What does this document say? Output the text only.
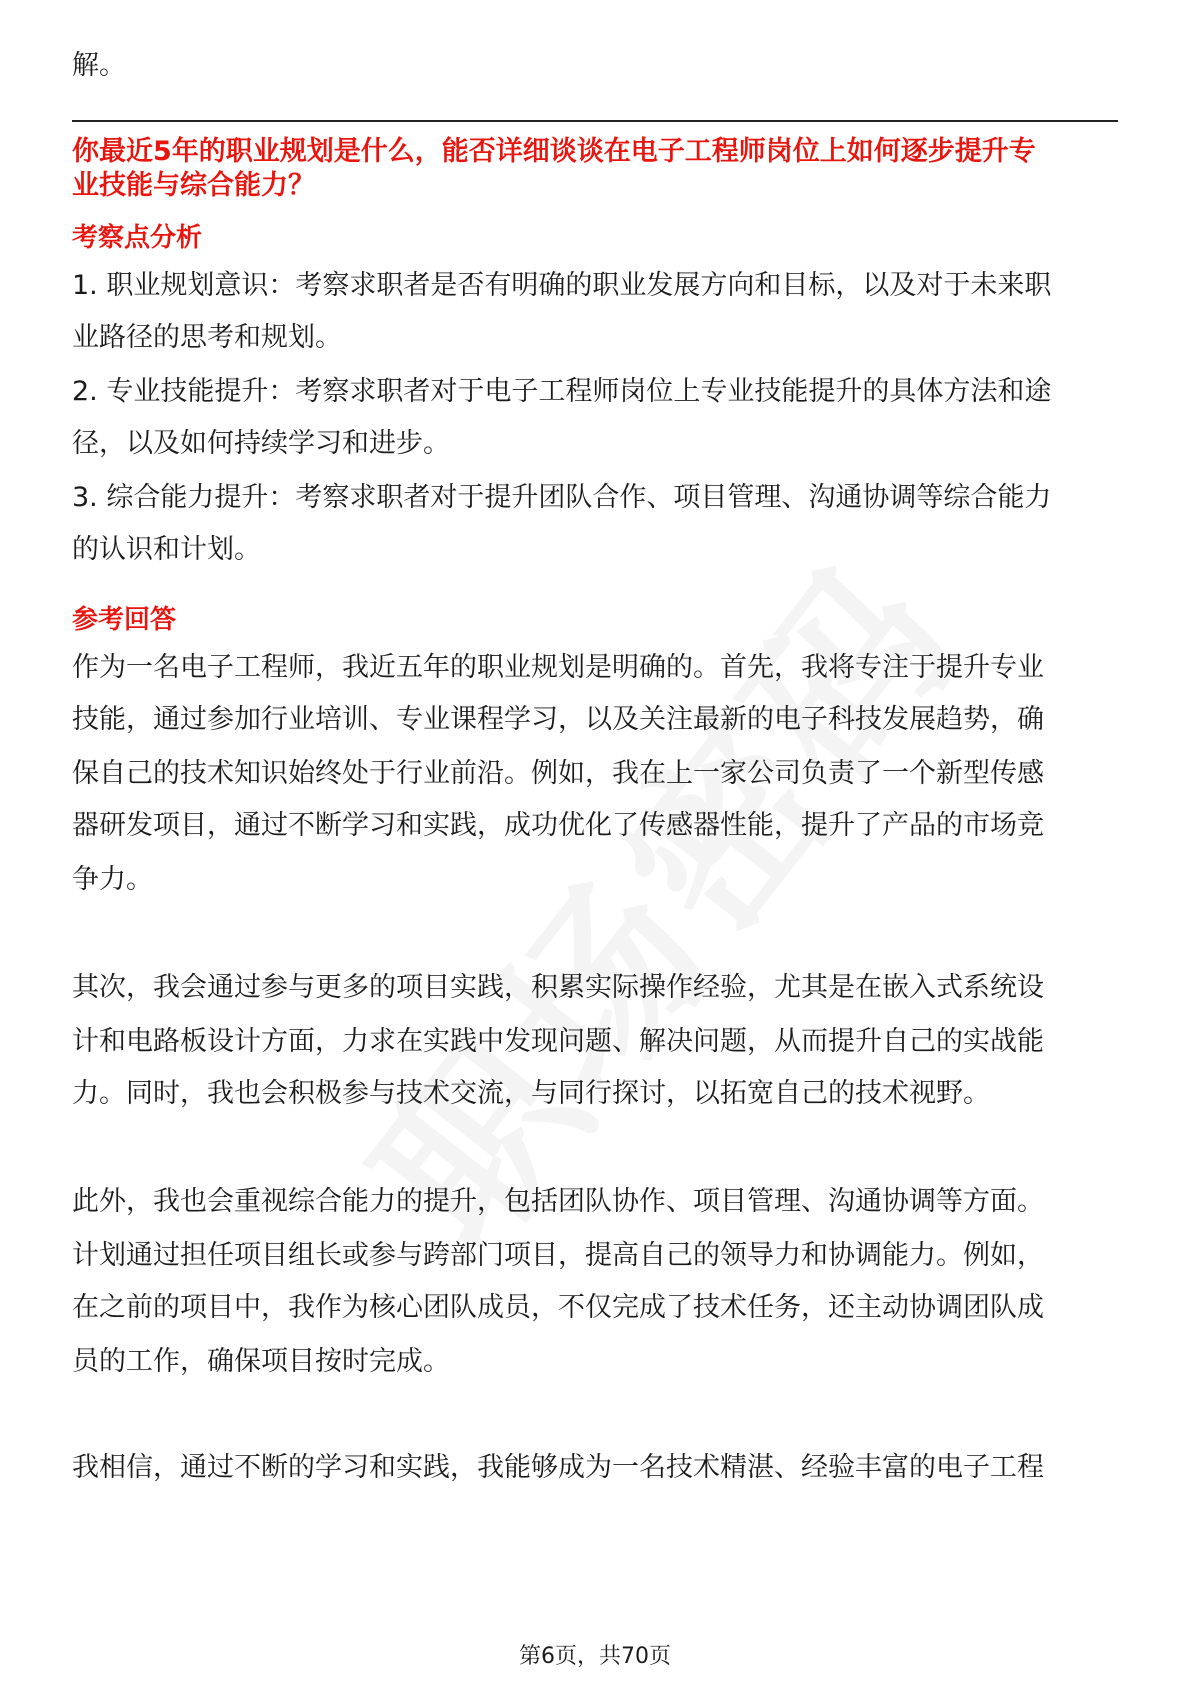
解。

你最近5年的职业规划是什么，能否详细谈谈在电子工程师岗位上如何逐步提升专

业技能与综合能力？

考察点分析

1. 职业规划意识：考察求职者是否有明确的职业发展方向和目标，以及对于未来职

业路径的思考和规划。

2. 专业技能提升：考察求职者对于电子工程师岗位上专业技能提升的具体方法和途

径，以及如何持续学习和进步。

3. 综合能力提升：考察求职者对于提升团队合作、项目管理、沟通协调等综合能力

的认识和计划。

参考回答

作为一名电子工程师，我近五年的职业规划是明确的。首先，我将专注于提升专业

技能，通过参加行业培训、专业课程学习，以及关注最新的电子科技发展趋势，确

保自己的技术知识始终处于行业前沿。例如，我在上一家公司负责了一个新型传感

器研发项目，通过不断学习和实践，成功优化了传感器性能，提升了产品的市场竞

争力。

其次，我会通过参与更多的项目实践，积累实际操作经验，尤其是在嵌入式系统设

计和电路板设计方面，力求在实践中发现问题、解决问题，从而提升自己的实战能

力。同时，我也会积极参与技术交流，与同行探讨，以拓宽自己的技术视野。

此外，我也会重视综合能力的提升，包括团队协作、项目管理、沟通协调等方面。

计划通过担任项目组长或参与跨部门项目，提高自己的领导力和协调能力。例如，

在之前的项目中，我作为核心团队成员，不仅完成了技术任务，还主动协调团队成

员的工作，确保项目按时完成。

我相信，通过不断的学习和实践，我能够成为一名技术精湛、经验丰富的电子工程

第6页，共70页
